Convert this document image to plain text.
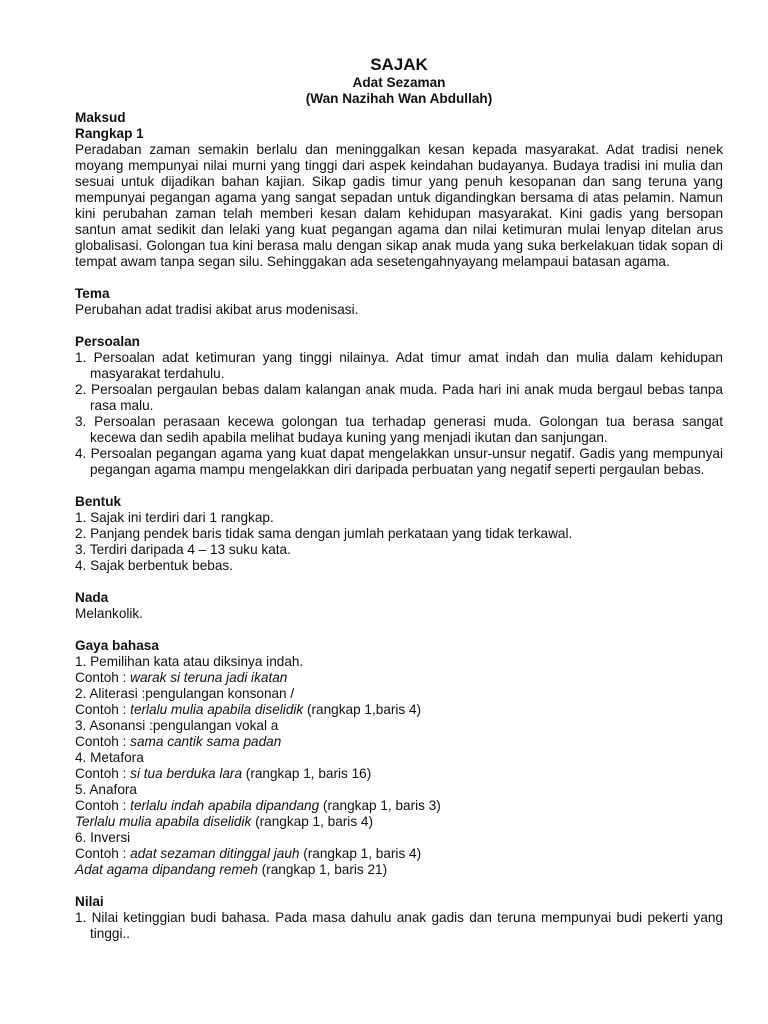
SAJAK

Adat Sezaman

(Wan Nazihah Wan Abdullah)

Maksud
Rangkap 1

Peradaban zaman semakin berlalu dan meninggalkan kesan kepada masyarakat. Adat tradisi nenek moyang mempunyai nilai murni yang tinggi dari aspek keindahan budayanya. Budaya tradisi ini mulia dan sesuai untuk dijadikan bahan kajian. Sikap gadis timur yang penuh kesopanan dan sang teruna yang mempunyai pegangan agama yang sangat sepadan untuk digandingkan bersama di atas pelamin. Namun kini perubahan zaman telah memberi kesan dalam kehidupan masyarakat. Kini gadis yang bersopan santun amat sedikit dan lelaki yang kuat pegangan agama dan nilai ketimuran mulai lenyap ditelan arus globalisasi. Golongan tua kini berasa malu dengan sikap anak muda yang suka berkelakuan tidak sopan di tempat awam tanpa segan silu. Sehinggakan ada sesetengahnyayang melampaui batasan agama.

Tema

Perubahan adat tradisi akibat arus modenisasi.

Persoalan
1. Persoalan adat ketimuran yang tinggi nilainya. Adat timur amat indah dan mulia dalam kehidupan masyarakat terdahulu.
2. Persoalan pergaulan bebas dalam kalangan anak muda. Pada hari ini anak muda bergaul bebas tanpa rasa malu.
3. Persoalan perasaan kecewa golongan tua terhadap generasi muda. Golongan tua berasa sangat kecewa dan sedih apabila melihat budaya kuning yang menjadi ikutan dan sanjungan.
4. Persoalan pegangan agama yang kuat dapat mengelakkan unsur-unsur negatif. Gadis yang mempunyai pegangan agama mampu mengelakkan diri daripada perbuatan yang negatif seperti pergaulan bebas.
Bentuk
1. Sajak ini terdiri dari 1 rangkap.
2. Panjang pendek baris tidak sama dengan jumlah perkataan yang tidak terkawal.
3. Terdiri daripada 4 – 13 suku kata.
4. Sajak berbentuk bebas.
Nada

Melankolik.

Gaya bahasa

1. Pemilihan kata atau diksinya indah.

Contoh : warak si teruna jadi ikatan

2. Aliterasi :pengulangan konsonan /

Contoh : terlalu mulia apabila diselidik (rangkap 1,baris 4)

3. Asonansi :pengulangan vokal a

Contoh : sama cantik sama padan

4. Metafora

Contoh : si tua berduka lara (rangkap 1, baris 16)

5. Anafora

Contoh : terlalu indah apabila dipandang (rangkap 1, baris 3)

Terlalu mulia apabila diselidik (rangkap 1, baris 4)

6. Inversi

Contoh : adat sezaman ditinggal jauh (rangkap 1, baris 4)

Adat agama dipandang remeh (rangkap 1, baris 21)

Nilai
1. Nilai ketinggian budi bahasa. Pada masa dahulu anak gadis dan teruna mempunyai budi pekerti yang tinggi..
